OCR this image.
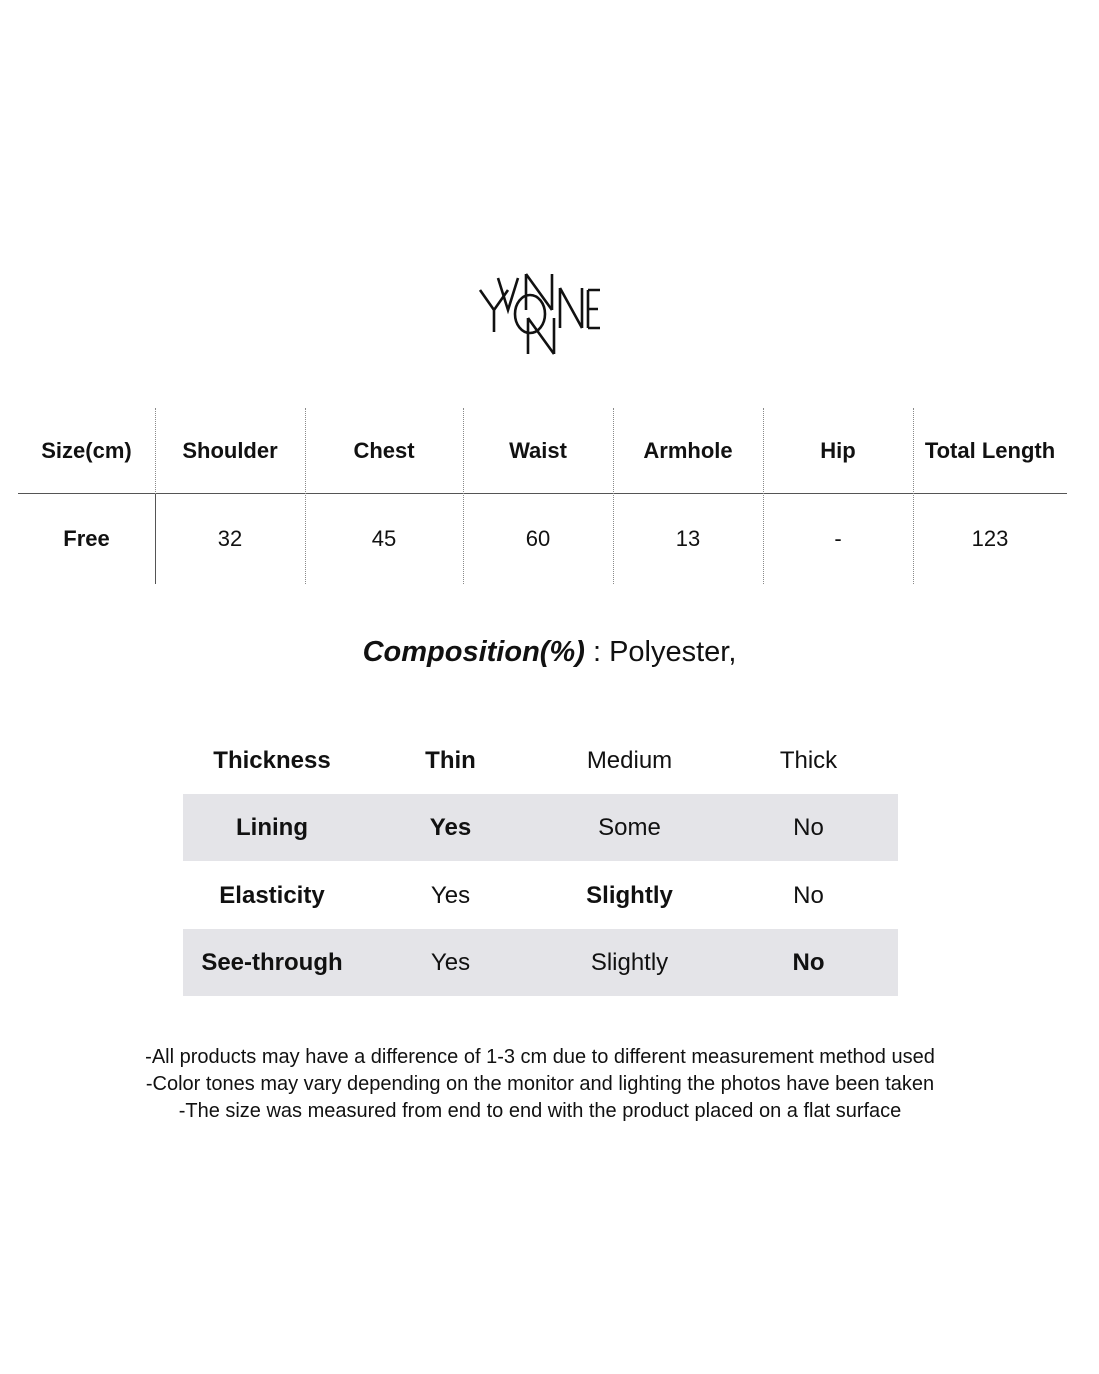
Size(cm)	Shoulder	Chest	Waist	Armhole	Hip	Total Length
Free	32	45	60	13	-	123
Composition(%) : Polyester,
Thickness	Thin	Medium	Thick
Lining	Yes	Some	No
Elasticity	Yes	Slightly	No
See-through	Yes	Slightly	No
-All products may have a difference of 1-3 cm due to different measurement method used
-Color tones may vary depending on the monitor and lighting the photos have been taken
-The size was measured from end to end with the product placed on a flat surface
